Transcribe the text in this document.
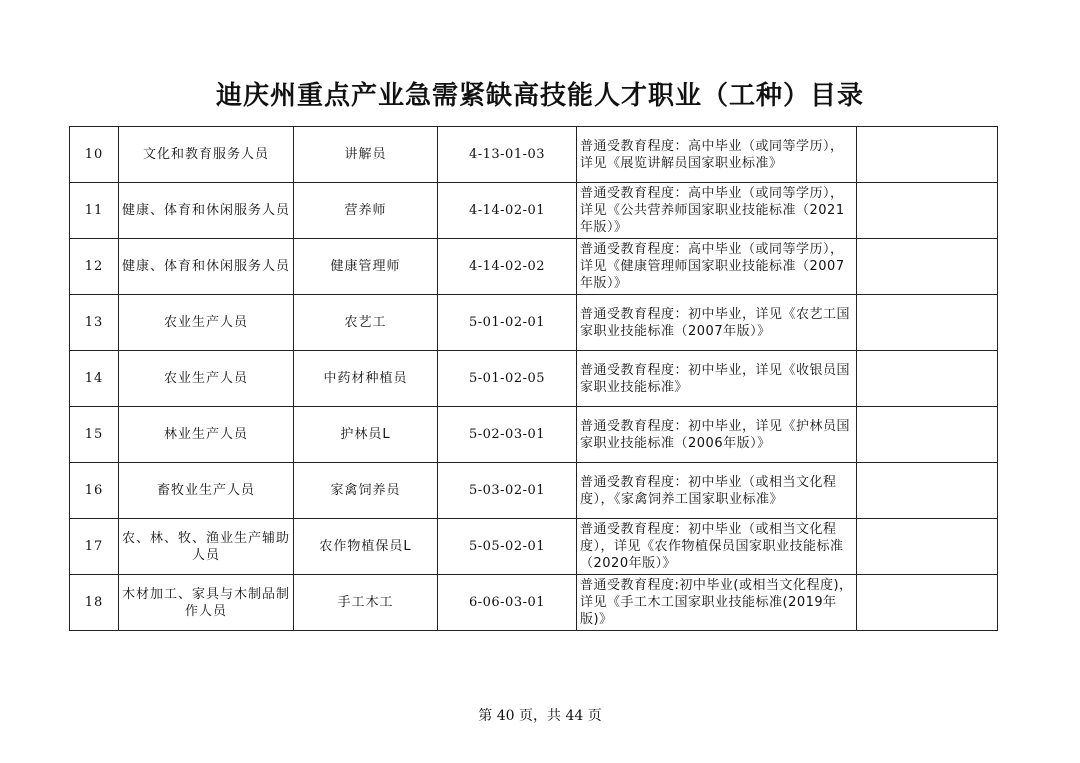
迪庆州重点产业急需紧缺高技能人才职业（工种）目录
10	文化和教育服务人员	讲解员	4-13-01-03	普通受教育程度：高中毕业（或同等学历），详见《展览讲解员国家职业标准》	
11	健康、体育和休闲服务人员	营养师	4-14-02-01	普通受教育程度：高中毕业（或同等学历），详见《公共营养师国家职业技能标准（2021年版）》	
12	健康、体育和休闲服务人员	健康管理师	4-14-02-02	普通受教育程度：高中毕业（或同等学历），详见《健康管理师国家职业技能标准（2007年版）》	
13	农业生产人员	农艺工	5-01-02-01	普通受教育程度：初中毕业，详见《农艺工国家职业技能标准（2007年版）》	
14	农业生产人员	中药材种植员	5-01-02-05	普通受教育程度：初中毕业，详见《收银员国家职业技能标准》	
15	林业生产人员	护林员L	5-02-03-01	普通受教育程度：初中毕业，详见《护林员国家职业技能标准（2006年版）》	
16	畜牧业生产人员	家禽饲养员	5-03-02-01	普通受教育程度：初中毕业（或相当文化程度），《家禽饲养工国家职业标准》	
17	农、林、牧、渔业生产辅助人员	农作物植保员L	5-05-02-01	普通受教育程度：初中毕业（或相当文化程度），详见《农作物植保员国家职业技能标准（2020年版）》	
18	木材加工、家具与木制品制作人员	手工木工	6-06-03-01	普通受教育程度:初中毕业(或相当文化程度)，详见《手工木工国家职业技能标准(2019年版)》	
第 40 页，共 44 页
